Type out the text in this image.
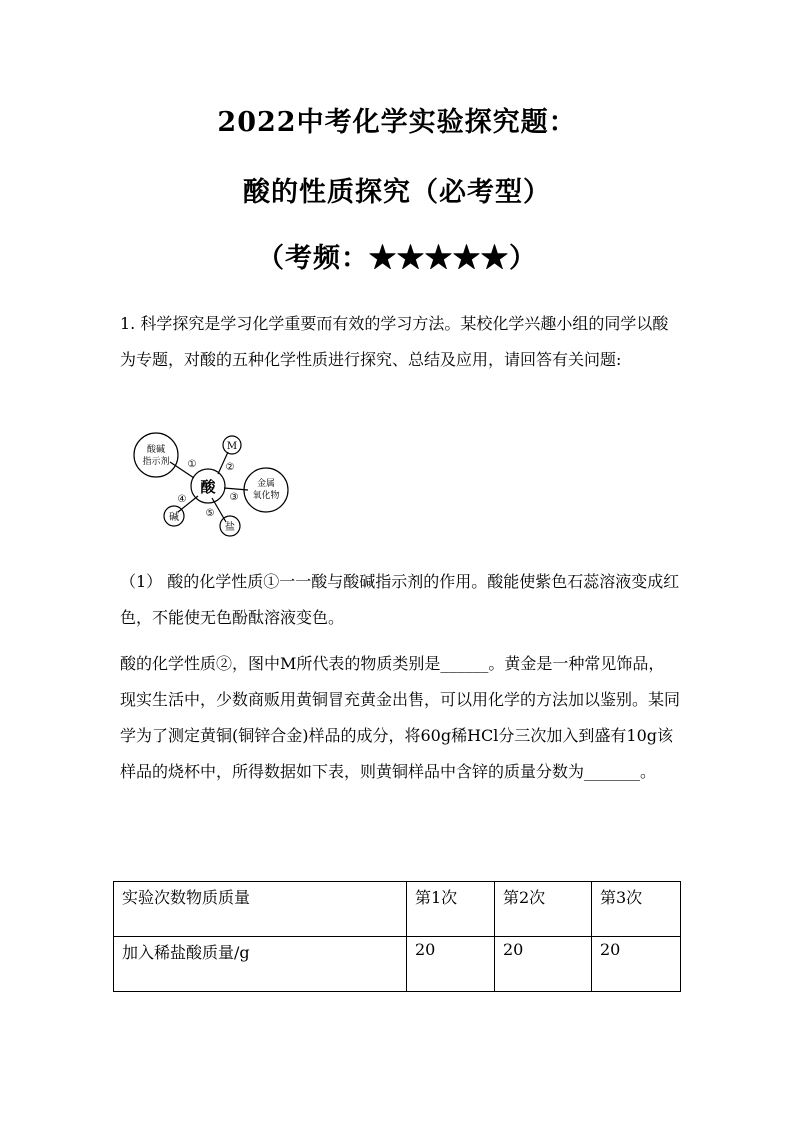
2022中考化学实验探究题：
酸的性质探究（必考型）
（考频：★★★★★）
1. 科学探究是学习化学重要而有效的学习方法。某校化学兴趣小组的同学以酸为专题，对酸的五种化学性质进行探究、总结及应用，请回答有关问题:
酸碱
指示剂
酸
M
金属
氧化物
盐
碱
①	②
③
④
⑤
（1） 酸的化学性质①一一酸与酸碱指示剂的作用。酸能使紫色石蕊溶液变成红色，不能使无色酚酞溶液变色。
酸的化学性质②，图中M所代表的物质类别是______。黄金是一种常见饰品，现实生活中，少数商贩用黄铜冒充黄金出售，可以用化学的方法加以鉴别。某同学为了测定黄铜(铜锌合金)样品的成分，将60g稀HCl分三次加入到盛有10g该样品的烧杯中，所得数据如下表，则黄铜样品中含锌的质量分数为_______。
实验次数物质质量	第1次	第2次	第3次
加入稀盐酸质量/g	20	20	20
